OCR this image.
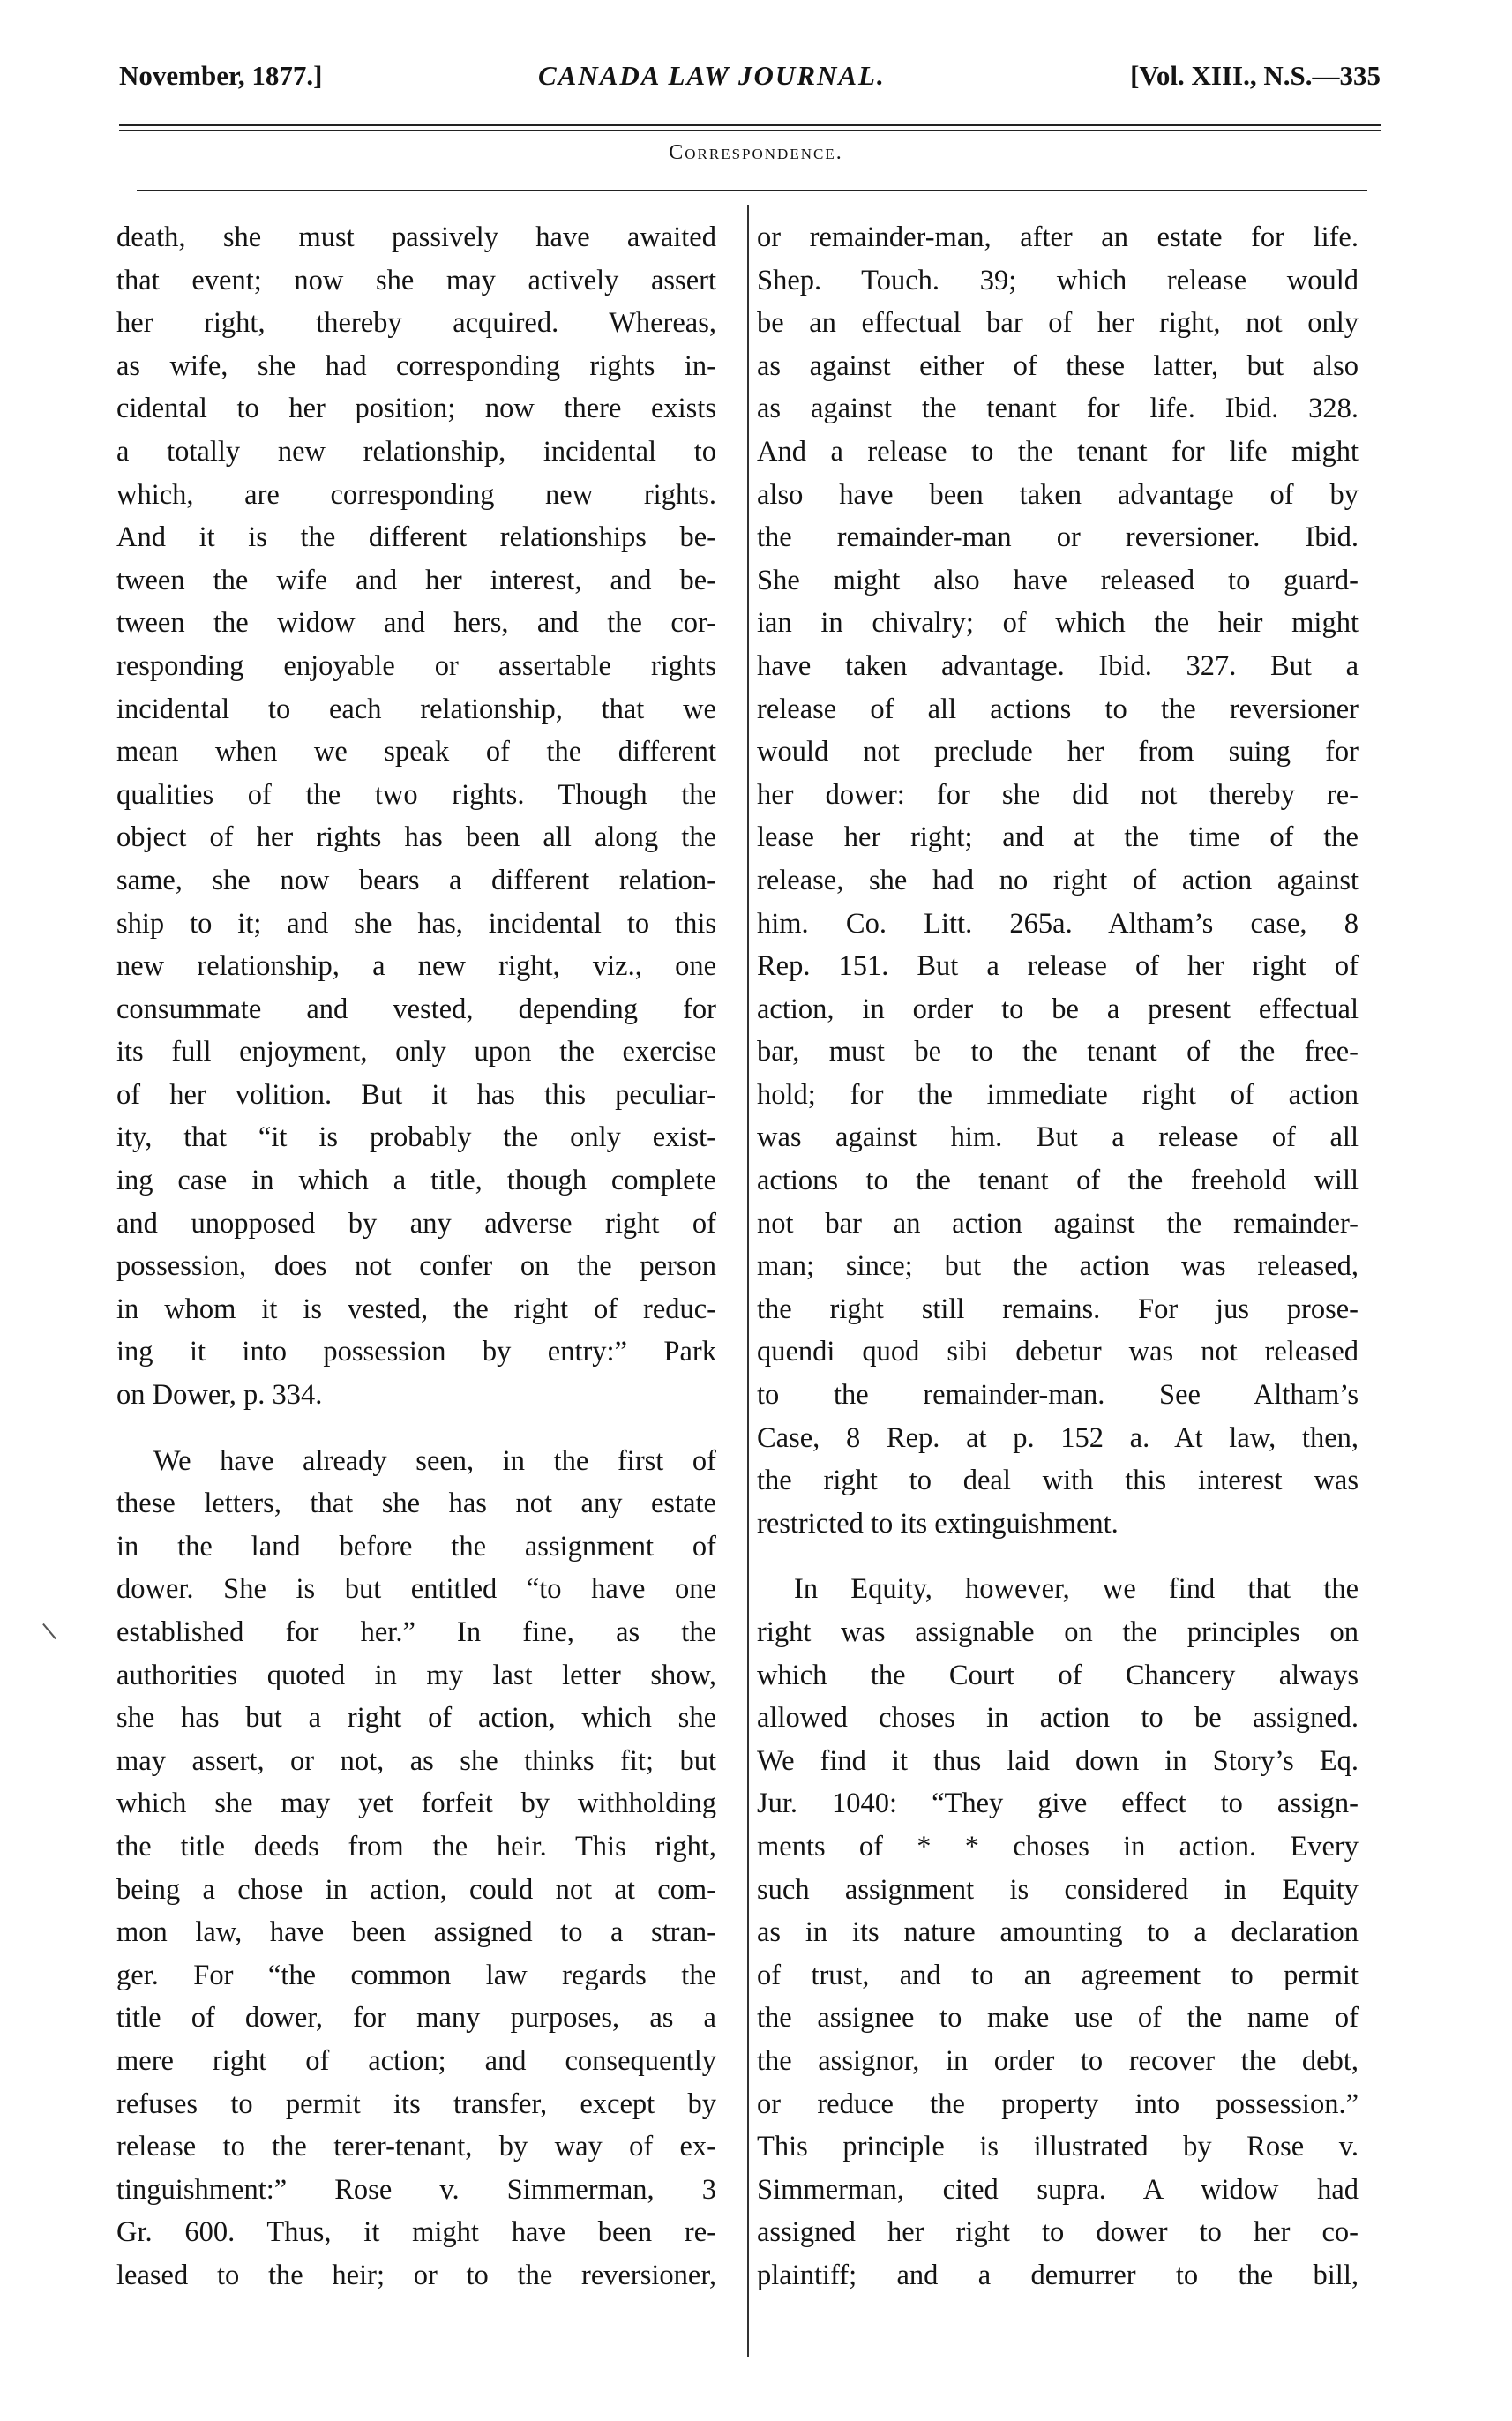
November, 1877.]	CANADA LAW JOURNAL.	[Vol. XIII., N.S.—335
Correspondence.
death, she must passively have awaited
that event; now she may actively assert
her right, thereby acquired. Whereas,
as wife, she had corresponding rights in-
cidental to her position; now there exists
a totally new relationship, incidental to
which, are corresponding new rights.
And it is the different relationships be-
tween the wife and her interest, and be-
tween the widow and hers, and the cor-
responding enjoyable or assertable rights
incidental to each relationship, that we
mean when we speak of the different
qualities of the two rights. Though the
object of her rights has been all along the
same, she now bears a different relation-
ship to it; and she has, incidental to this
new relationship, a new right, viz., one
consummate and vested, depending for
its full enjoyment, only upon the exercise
of her volition. But it has this peculiar-
ity, that “it is probably the only exist-
ing case in which a title, though complete
and unopposed by any adverse right of
possession, does not confer on the person
in whom it is vested, the right of reduc-
ing it into possession by entry:” Park
on Dower, p. 334.
We have already seen, in the first of
these letters, that she has not any estate
in the land before the assignment of
dower. She is but entitled “to have one
established for her.” In fine, as the
authorities quoted in my last letter show,
she has but a right of action, which she
may assert, or not, as she thinks fit; but
which she may yet forfeit by withholding
the title deeds from the heir. This right,
being a chose in action, could not at com-
mon law, have been assigned to a stran-
ger. For “the common law regards the
title of dower, for many purposes, as a
mere right of action; and consequently
refuses to permit its transfer, except by
release to the terer-tenant, by way of ex-
tinguishment:” Rose v. Simmerman, 3
Gr. 600. Thus, it might have been re-
leased to the heir; or to the reversioner,
or remainder-man, after an estate for life.
Shep. Touch. 39; which release would
be an effectual bar of her right, not only
as against either of these latter, but also
as against the tenant for life. Ibid. 328.
And a release to the tenant for life might
also have been taken advantage of by
the remainder-man or reversioner. Ibid.
She might also have released to guard-
ian in chivalry; of which the heir might
have taken advantage. Ibid. 327. But a
release of all actions to the reversioner
would not preclude her from suing for
her dower: for she did not thereby re-
lease her right; and at the time of the
release, she had no right of action against
him. Co. Litt. 265a. Altham’s case, 8
Rep. 151. But a release of her right of
action, in order to be a present effectual
bar, must be to the tenant of the free-
hold; for the immediate right of action
was against him. But a release of all
actions to the tenant of the freehold will
not bar an action against the remainder-
man; since; but the action was released,
the right still remains. For jus prose-
quendi quod sibi debetur was not released
to the remainder-man. See Altham’s
Case, 8 Rep. at p. 152 a. At law, then,
the right to deal with this interest was
restricted to its extinguishment.
In Equity, however, we find that the
right was assignable on the principles on
which the Court of Chancery always
allowed choses in action to be assigned.
We find it thus laid down in Story’s Eq.
Jur. 1040: “They give effect to assign-
ments of * * choses in action. Every
such assignment is considered in Equity
as in its nature amounting to a declaration
of trust, and to an agreement to permit
the assignee to make use of the name of
the assignor, in order to recover the debt,
or reduce the property into possession.”
This principle is illustrated by Rose v.
Simmerman, cited supra. A widow had
assigned her right to dower to her co-
plaintiff; and a demurrer to the bill,
